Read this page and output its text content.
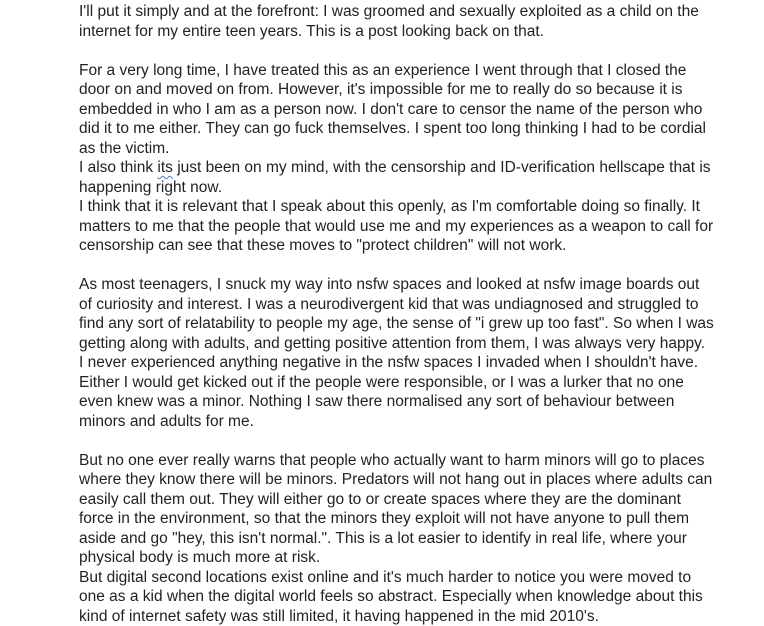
I'll put it simply and at the forefront: I was groomed and sexually exploited as a child on the
internet for my entire teen years. This is a post looking back on that.
For a very long time, I have treated this as an experience I went through that I closed the
door on and moved on from. However, it's impossible for me to really do so because it is
embedded in who I am as a person now. I don't care to censor the name of the person who
did it to me either. They can go fuck themselves. I spent too long thinking I had to be cordial
as the victim.
I also think its just been on my mind, with the censorship and ID-verification hellscape that is
happening right now.
I think that it is relevant that I speak about this openly, as I'm comfortable doing so finally. It
matters to me that the people that would use me and my experiences as a weapon to call for
censorship can see that these moves to "protect children" will not work.
As most teenagers, I snuck my way into nsfw spaces and looked at nsfw image boards out
of curiosity and interest. I was a neurodivergent kid that was undiagnosed and struggled to
find any sort of relatability to people my age, the sense of "i grew up too fast". So when I was
getting along with adults, and getting positive attention from them, I was always very happy.
I never experienced anything negative in the nsfw spaces I invaded when I shouldn't have.
Either I would get kicked out if the people were responsible, or I was a lurker that no one
even knew was a minor. Nothing I saw there normalised any sort of behaviour between
minors and adults for me.
But no one ever really warns that people who actually want to harm minors will go to places
where they know there will be minors. Predators will not hang out in places where adults can
easily call them out. They will either go to or create spaces where they are the dominant
force in the environment, so that the minors they exploit will not have anyone to pull them
aside and go "hey, this isn't normal.". This is a lot easier to identify in real life, where your
physical body is much more at risk.
But digital second locations exist online and it's much harder to notice you were moved to
one as a kid when the digital world feels so abstract. Especially when knowledge about this
kind of internet safety was still limited, it having happened in the mid 2010's.
